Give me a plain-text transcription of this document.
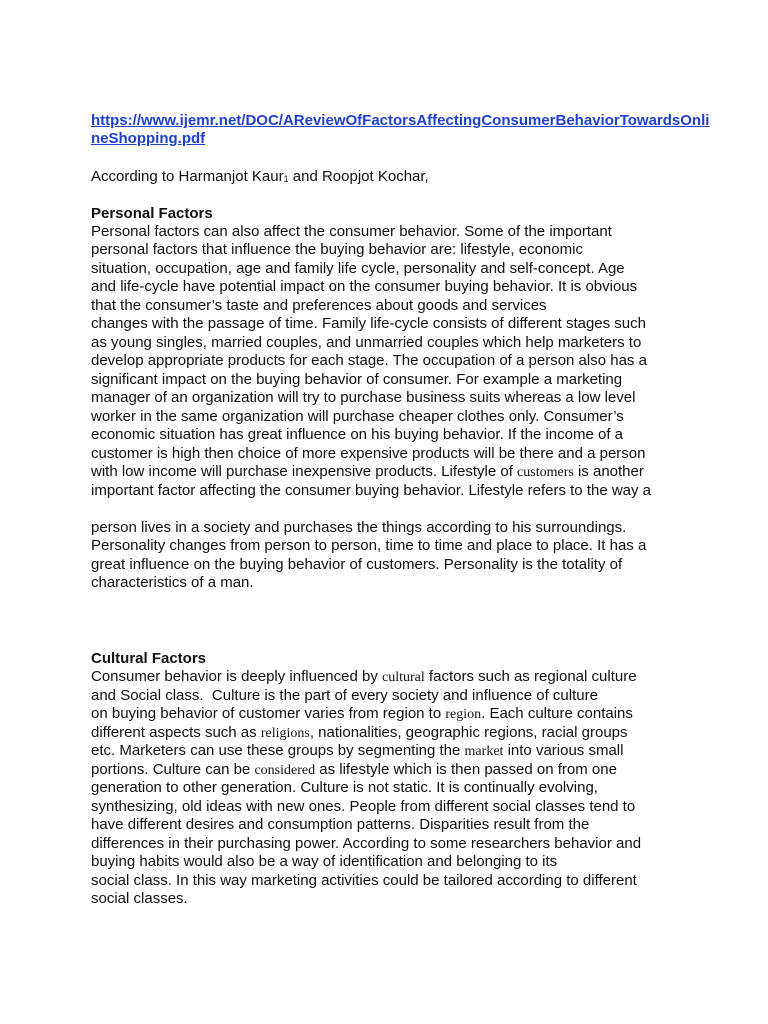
https://www.ijemr.net/DOC/AReviewOfFactorsAffectingConsumerBehaviorTowardsOnlineShopping.pdf
According to Harmanjot Kaur$_1$ and Roopjot Kochar,
Personal Factors
Personal factors can also affect the consumer behavior. Some of the important
personal factors that influence the buying behavior are: lifestyle, economic
situation, occupation, age and family life cycle, personality and self-concept. Age
and life-cycle have potential impact on the consumer buying behavior. It is obvious
that the consumer’s taste and preferences about goods and services
changes with the passage of time. Family life-cycle consists of different stages such
as young singles, married couples, and unmarried couples which help marketers to
develop appropriate products for each stage. The occupation of a person also has a
significant impact on the buying behavior of consumer. For example a marketing
manager of an organization will try to purchase business suits whereas a low level
worker in the same organization will purchase cheaper clothes only. Consumer’s
economic situation has great influence on his buying behavior. If the income of a
customer is high then choice of more expensive products will be there and a person
with low income will purchase inexpensive products. Lifestyle of customers is another
important factor affecting the consumer buying behavior. Lifestyle refers to the way a
person lives in a society and purchases the things according to his surroundings.
Personality changes from person to person, time to time and place to place. It has a
great influence on the buying behavior of customers. Personality is the totality of
characteristics of a man.
Cultural Factors
Consumer behavior is deeply influenced by cultural factors such as regional culture
and Social class.  Culture is the part of every society and influence of culture
on buying behavior of customer varies from region to region. Each culture contains
different aspects such as religions, nationalities, geographic regions, racial groups
etc. Marketers can use these groups by segmenting the market into various small
portions. Culture can be considered as lifestyle which is then passed on from one
generation to other generation. Culture is not static. It is continually evolving,
synthesizing, old ideas with new ones. People from different social classes tend to
have different desires and consumption patterns. Disparities result from the
differences in their purchasing power. According to some researchers behavior and
buying habits would also be a way of identification and belonging to its
social class. In this way marketing activities could be tailored according to different
social classes.
